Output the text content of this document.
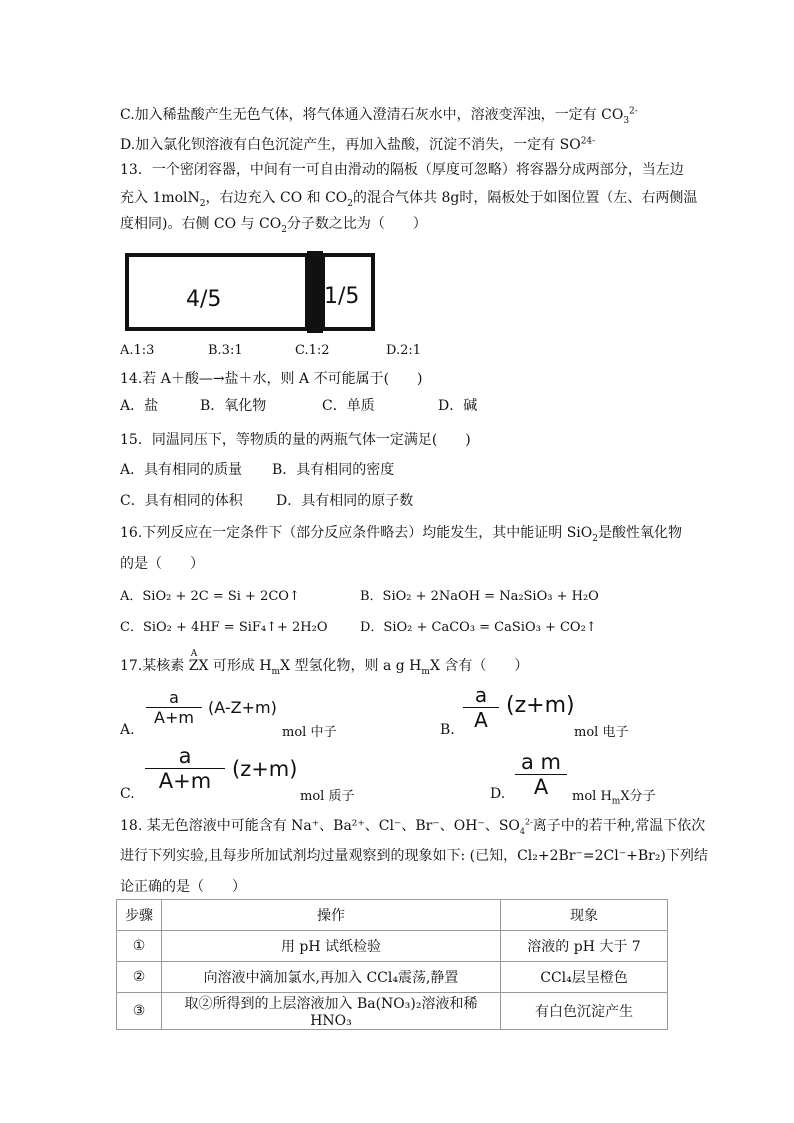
C.加入稀盐酸产生无色气体，将气体通入澄清石灰水中，溶液变浑浊，一定有 $CO_3^{2-}$
D.加入氯化钡溶液有白色沉淀产生，再加入盐酸，沉淀不消失，一定有 $SO^{24-}$
13．一个密闭容器，中间有一可自由滑动的隔板（厚度可忽略）将容器分成两部分，当左边
充入 1molN$_2$，右边充入 CO 和 $CO_2$的混合气体共 8g时，隔板处于如图位置（左、右两侧温
度相同)。右侧 CO 与 $CO_2$分子数之比为（　　）
4/5	1/5
A.1:3	B.3:1	C.1:2	D.2:1
14.若 A＋酸—→盐＋水，则 A 不可能属于(　　)
A．盐	B．氧化物	C．单质	D．碱
15．同温同压下，等物质的量的两瓶气体一定满足(　　)
A．具有相同的质量 B．具有相同的密度
C．具有相同的体积 D．具有相同的原子数
16.下列反应在一定条件下（部分反应条件略去）均能发生，其中能证明 SiO$_2$是酸性氧化物
的是（　　）
A．SiO₂ + 2C = Si + 2CO↑	B．SiO₂ + 2NaOH = Na₂SiO₃ + H₂O
C．SiO₂ + 4HF = SiF₄↑+ 2H₂O D．SiO₂ + CaCO₃ = CaSiO₃ + CO₂↑
17.某核素
A
ZX 可形成 $H_mX$ 型氢化物，则 a g $H_mX$ 含有（　　）
A.
a
A+m
(A-Z+m)
mol 中子	B.
a
A
(z+m)
mol 电子
C.
a
A+m (z+m)
mol 质子	D.
a m
A	mol $H_mX$分子
18. 某无色溶液中可能含有 Na⁺、Ba²⁺、Cl⁻、Br⁻、OH⁻、$SO_4^{2-}$离子中的若干种,常温下依次
进行下列实验,且每步所加试剂均过量观察到的现象如下: (已知，Cl₂+2Br⁻=2Cl⁻+Br₂)下列结
论正确的是（　　）
步骤	操作	现象
①	用 pH 试纸检验	溶液的 pH 大于 7
②	向溶液中滴加氯水,再加入 CCl₄震荡,静置	CCl₄层呈橙色
③	取②所得到的上层溶液加入 Ba(NO₃)₂溶液和稀 HNO₃	有白色沉淀产生
